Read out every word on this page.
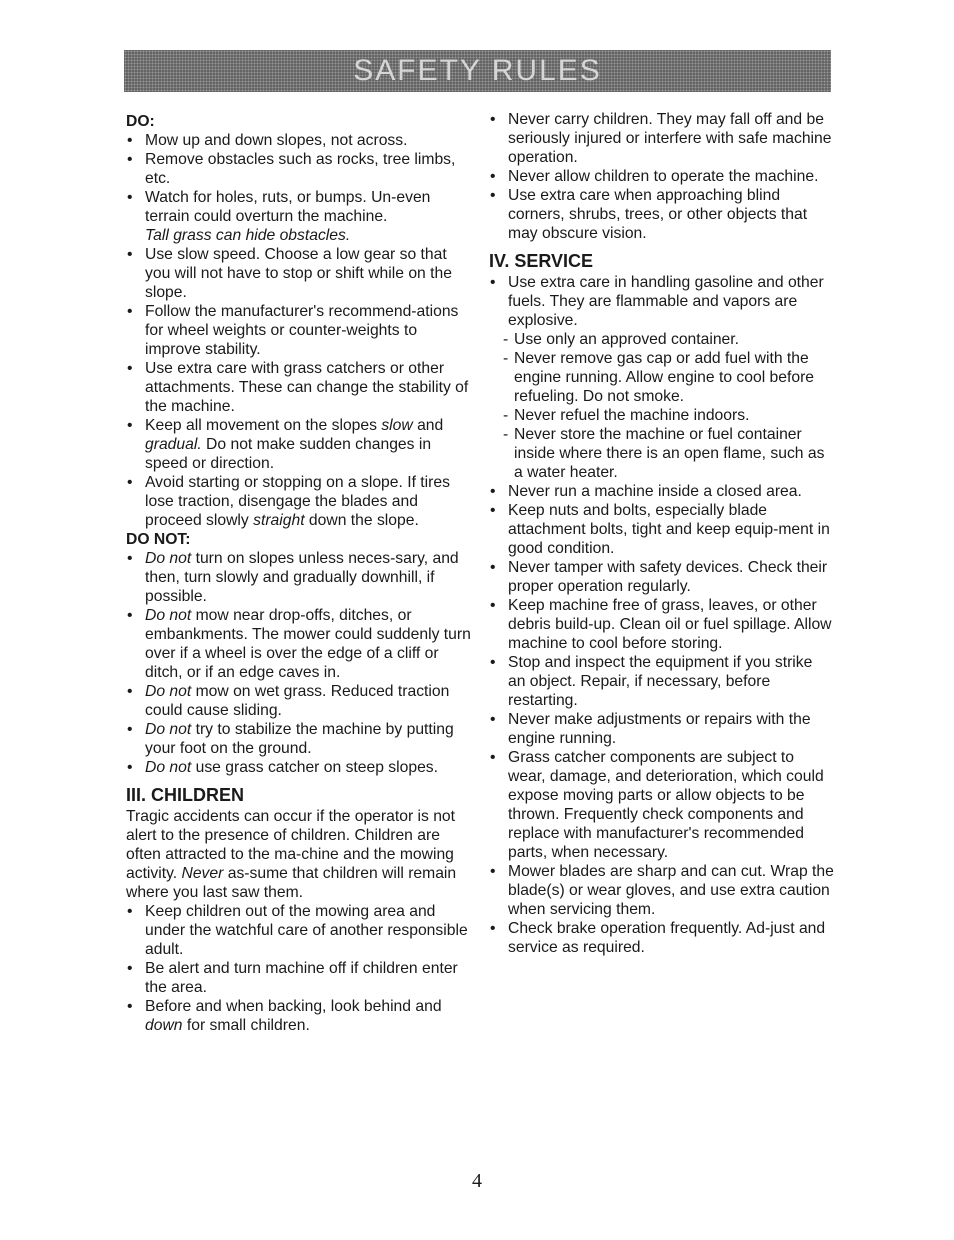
SAFETY RULES

DO:

• Mow up and down slopes, not across.
• Remove obstacles such as rocks, tree limbs, etc.
• Watch for holes, ruts, or bumps. Un-even terrain could overturn the machine.
Tall grass can hide obstacles.
• Use slow speed. Choose a low gear so that you will not have to stop or shift while on the slope.
• Follow the manufacturer's recommend-ations for wheel weights or counter-weights to improve stability.
• Use extra care with grass catchers or other attachments. These can change the stability of the machine.
• Keep all movement on the slopes slow and gradual. Do not make sudden changes in speed or direction.
• Avoid starting or stopping on a slope. If tires lose traction, disengage the blades and proceed slowly straight down the slope.

DO NOT:

• Do not turn on slopes unless neces-sary, and then, turn slowly and gradually downhill, if possible.
• Do not mow near drop-offs, ditches, or embankments. The mower could suddenly turn over if a wheel is over the edge of a cliff or ditch, or if an edge caves in.
• Do not mow on wet grass. Reduced traction could cause sliding.
• Do not try to stabilize the machine by putting your foot on the ground.
• Do not use grass catcher on steep slopes.

III. CHILDREN

Tragic accidents can occur if the operator is not alert to the presence of children. Children are often attracted to the ma-chine and the mowing activity. Never as-sume that children will remain where you last saw them.

• Keep children out of the mowing area and under the watchful care of another responsible adult.
• Be alert and turn machine off if children enter the area.
• Before and when backing, look behind and down for small children.
• Never carry children. They may fall off and be seriously injured or interfere with safe machine operation.
• Never allow children to operate the machine.
• Use extra care when approaching blind corners, shrubs, trees, or other objects that may obscure vision.

IV. SERVICE

• Use extra care in handling gasoline and other fuels. They are flammable and vapors are explosive.
- Use only an approved container.
- Never remove gas cap or add fuel with the engine running. Allow engine to cool before refueling. Do not smoke.
- Never refuel the machine indoors.
- Never store the machine or fuel container inside where there is an open flame, such as a water heater.
• Never run a machine inside a closed area.
• Keep nuts and bolts, especially blade attachment bolts, tight and keep equip-ment in good condition.
• Never tamper with safety devices. Check their proper operation regularly.
• Keep machine free of grass, leaves, or other debris build-up. Clean oil or fuel spillage. Allow machine to cool before storing.
• Stop and inspect the equipment if you strike an object. Repair, if necessary, before restarting.
• Never make adjustments or repairs with the engine running.
• Grass catcher components are subject to wear, damage, and deterioration, which could expose moving parts or allow objects to be thrown. Frequently check components and replace with manufacturer's recommended parts, when necessary.
• Mower blades are sharp and can cut. Wrap the blade(s) or wear gloves, and use extra caution when servicing them.
• Check brake operation frequently. Ad-just and service as required.
4
